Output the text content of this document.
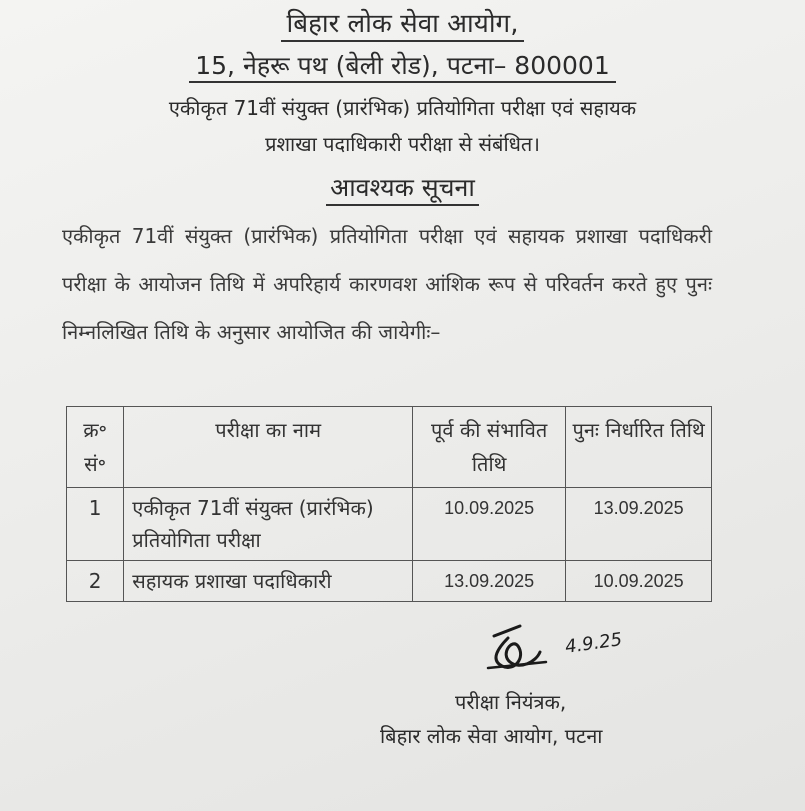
बिहार लोक सेवा आयोग,
15, नेहरू पथ (बेली रोड), पटना– 800001
एकीकृत 71वीं संयुक्त (प्रारंभिक) प्रतियोगिता परीक्षा एवं सहायक
प्रशाखा पदाधिकारी परीक्षा से संबंधित।
आवश्यक सूचना
एकीकृत 71वीं संयुक्त (प्रारंभिक) प्रतियोगिता परीक्षा एवं सहायक प्रशाखा पदाधिकरी परीक्षा के आयोजन तिथि में अपरिहार्य कारणवश आंशिक रूप से परिवर्तन करते हुए पुनः निम्नलिखित तिथि के अनुसार आयोजित की जायेगीः–
क्र॰ सं॰	परीक्षा का नाम	पूर्व की संभावित तिथि	पुनः निर्धारित तिथि
1	एकीकृत 71वीं संयुक्त (प्रारंभिक) प्रतियोगिता परीक्षा	10.09.2025	13.09.2025
2	सहायक प्रशाखा पदाधिकारी	13.09.2025	10.09.2025
4.9.25
परीक्षा नियंत्रक,
बिहार लोक सेवा आयोग, पटना
